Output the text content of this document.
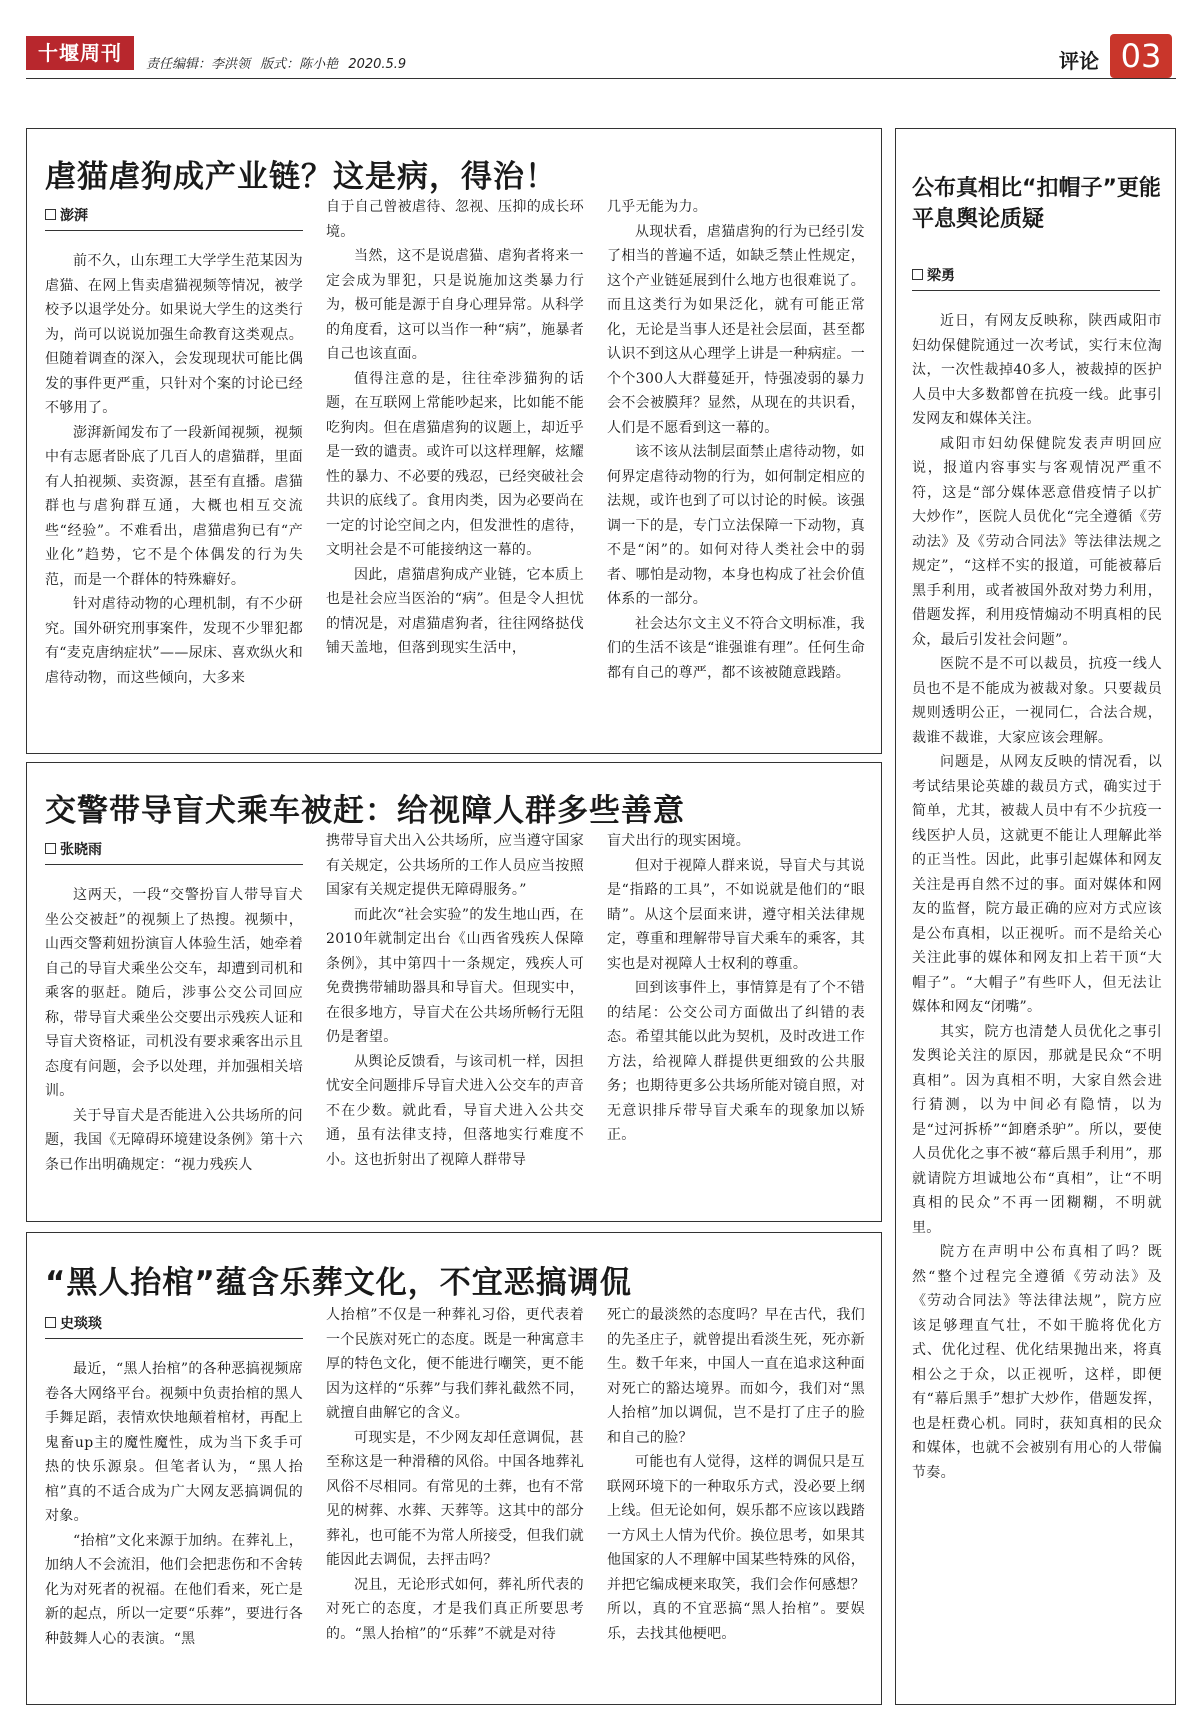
十堰周刊	责任编辑：李洪领 版式：陈小艳 2020.5.9	评论 03
虐猫虐狗成产业链？这是病，得治！
澎湃

前不久，山东理工大学学生范某因为虐猫、在网上售卖虐猫视频等情况，被学校予以退学处分。如果说大学生的这类行为，尚可以说说加强生命教育这类观点。但随着调查的深入，会发现现状可能比偶发的事件更严重，只针对个案的讨论已经不够用了。

澎湃新闻发布了一段新闻视频，视频中有志愿者卧底了几百人的虐猫群，里面有人拍视频、卖资源，甚至有直播。虐猫群也与虐狗群互通，大概也相互交流些“经验”。不难看出，虐猫虐狗已有“产业化”趋势，它不是个体偶发的行为失范，而是一个群体的特殊癖好。

针对虐待动物的心理机制，有不少研究。国外研究刑事案件，发现不少罪犯都有“麦克唐纳症状”——尿床、喜欢纵火和虐待动物，而这些倾向，大多来

自于自己曾被虐待、忽视、压抑的成长环境。

当然，这不是说虐猫、虐狗者将来一定会成为罪犯，只是说施加这类暴力行为，极可能是源于自身心理异常。从科学的角度看，这可以当作一种“病”，施暴者自己也该直面。

值得注意的是，往往牵涉猫狗的话题，在互联网上常能吵起来，比如能不能吃狗肉。但在虐猫虐狗的议题上，却近乎是一致的谴责。或许可以这样理解，炫耀性的暴力、不必要的残忍，已经突破社会共识的底线了。食用肉类，因为必要尚在一定的讨论空间之内，但发泄性的虐待，文明社会是不可能接纳这一幕的。

因此，虐猫虐狗成产业链，它本质上也是社会应当医治的“病”。但是令人担忧的情况是，对虐猫虐狗者，往往网络挞伐铺天盖地，但落到现实生活中，

几乎无能为力。

从现状看，虐猫虐狗的行为已经引发了相当的普遍不适，如缺乏禁止性规定，这个产业链延展到什么地方也很难说了。而且这类行为如果泛化，就有可能正常化，无论是当事人还是社会层面，甚至都认识不到这从心理学上讲是一种病症。一个个300人大群蔓延开，恃强凌弱的暴力会不会被膜拜？显然，从现在的共识看，人们是不愿看到这一幕的。

该不该从法制层面禁止虐待动物，如何界定虐待动物的行为，如何制定相应的法规，或许也到了可以讨论的时候。该强调一下的是，专门立法保障一下动物，真不是“闲”的。如何对待人类社会中的弱者、哪怕是动物，本身也构成了社会价值体系的一部分。

社会达尔文主义不符合文明标准，我们的生活不该是“谁强谁有理”。任何生命都有自己的尊严，都不该被随意践踏。

交警带导盲犬乘车被赶：给视障人群多些善意
张晓雨

这两天，一段“交警扮盲人带导盲犬坐公交被赶”的视频上了热搜。视频中，山西交警莉妞扮演盲人体验生活，她牵着自己的导盲犬乘坐公交车，却遭到司机和乘客的驱赶。随后，涉事公交公司回应称，带导盲犬乘坐公交要出示残疾人证和导盲犬资格证，司机没有要求乘客出示且态度有问题，会予以处理，并加强相关培训。

关于导盲犬是否能进入公共场所的问题，我国《无障碍环境建设条例》第十六条已作出明确规定：“视力残疾人

携带导盲犬出入公共场所，应当遵守国家有关规定，公共场所的工作人员应当按照国家有关规定提供无障碍服务。”

而此次“社会实验”的发生地山西，在2010年就制定出台《山西省残疾人保障条例》，其中第四十一条规定，残疾人可免费携带辅助器具和导盲犬。但现实中，在很多地方，导盲犬在公共场所畅行无阻仍是奢望。

从舆论反馈看，与该司机一样，因担忧安全问题排斥导盲犬进入公交车的声音不在少数。就此看，导盲犬进入公共交通，虽有法律支持，但落地实行难度不小。这也折射出了视障人群带导

盲犬出行的现实困境。

但对于视障人群来说，导盲犬与其说是“指路的工具”，不如说就是他们的“眼睛”。从这个层面来讲，遵守相关法律规定，尊重和理解带导盲犬乘车的乘客，其实也是对视障人士权利的尊重。

回到该事件上，事情算是有了个不错的结尾：公交公司方面做出了纠错的表态。希望其能以此为契机，及时改进工作方法，给视障人群提供更细致的公共服务；也期待更多公共场所能对镜自照，对无意识排斥带导盲犬乘车的现象加以矫正。

“黑人抬棺”蕴含乐葬文化，不宜恶搞调侃
史琰琰

最近，“黑人抬棺”的各种恶搞视频席卷各大网络平台。视频中负责抬棺的黑人手舞足蹈，表情欢快地颠着棺材，再配上鬼畜up主的魔性魔性，成为当下炙手可热的快乐源泉。但笔者认为，“黑人抬棺”真的不适合成为广大网友恶搞调侃的对象。

“抬棺”文化来源于加纳。在葬礼上，加纳人不会流泪，他们会把悲伤和不舍转化为对死者的祝福。在他们看来，死亡是新的起点，所以一定要“乐葬”，要进行各种鼓舞人心的表演。“黑

人抬棺”不仅是一种葬礼习俗，更代表着一个民族对死亡的态度。既是一种寓意丰厚的特色文化，便不能进行嘲笑，更不能因为这样的“乐葬”与我们葬礼截然不同，就擅自曲解它的含义。

可现实是，不少网友却任意调侃，甚至称这是一种滑稽的风俗。中国各地葬礼风俗不尽相同。有常见的土葬，也有不常见的树葬、水葬、天葬等。这其中的部分葬礼，也可能不为常人所接受，但我们就能因此去调侃，去抨击吗？

况且，无论形式如何，葬礼所代表的对死亡的态度，才是我们真正所要思考的。“黑人抬棺”的“乐葬”不就是对待

死亡的最淡然的态度吗？早在古代，我们的先圣庄子，就曾提出看淡生死，死亦新生。数千年来，中国人一直在追求这种面对死亡的豁达境界。而如今，我们对“黑人抬棺”加以调侃，岂不是打了庄子的脸和自己的脸？

可能也有人觉得，这样的调侃只是互联网环境下的一种取乐方式，没必要上纲上线。但无论如何，娱乐都不应该以践踏一方风土人情为代价。换位思考，如果其他国家的人不理解中国某些特殊的风俗，并把它编成梗来取笑，我们会作何感想？所以，真的不宜恶搞“黑人抬棺”。要娱乐，去找其他梗吧。

公布真相比“扣帽子”更能平息舆论质疑
梁勇

近日，有网友反映称，陕西咸阳市妇幼保健院通过一次考试，实行末位淘汰，一次性裁掉40多人，被裁掉的医护人员中大多数都曾在抗疫一线。此事引发网友和媒体关注。

咸阳市妇幼保健院发表声明回应说，报道内容事实与客观情况严重不符，这是“部分媒体恶意借疫情子以扩大炒作”，医院人员优化“完全遵循《劳动法》及《劳动合同法》等法律法规之规定”，“这样不实的报道，可能被幕后黑手利用，或者被国外敌对势力利用，借题发挥，利用疫情煽动不明真相的民众，最后引发社会问题”。

医院不是不可以裁员，抗疫一线人员也不是不能成为被裁对象。只要裁员规则透明公正，一视同仁，合法合规，裁谁不裁谁，大家应该会理解。

问题是，从网友反映的情况看，以考试结果论英雄的裁员方式，确实过于简单，尤其，被裁人员中有不少抗疫一线医护人员，这就更不能让人理解此举的正当性。因此，此事引起媒体和网友关注是再自然不过的事。面对媒体和网友的监督，院方最正确的应对方式应该是公布真相，以正视听。而不是给关心关注此事的媒体和网友扣上若干顶“大帽子”。“大帽子”有些吓人，但无法让媒体和网友“闭嘴”。

其实，院方也清楚人员优化之事引发舆论关注的原因，那就是民众“不明真相”。因为真相不明，大家自然会进行猜测，以为中间必有隐情，以为是“过河拆桥”“卸磨杀驴”。所以，要使人员优化之事不被“幕后黑手利用”，那就请院方坦诚地公布“真相”，让“不明真相的民众”不再一团糊糊，不明就里。

院方在声明中公布真相了吗？既然“整个过程完全遵循《劳动法》及《劳动合同法》等法律法规”，院方应该足够理直气壮，不如干脆将优化方式、优化过程、优化结果抛出来，将真相公之于众，以正视听，这样，即便有“幕后黑手”想扩大炒作，借题发挥，也是枉费心机。同时，获知真相的民众和媒体，也就不会被别有用心的人带偏节奏。
